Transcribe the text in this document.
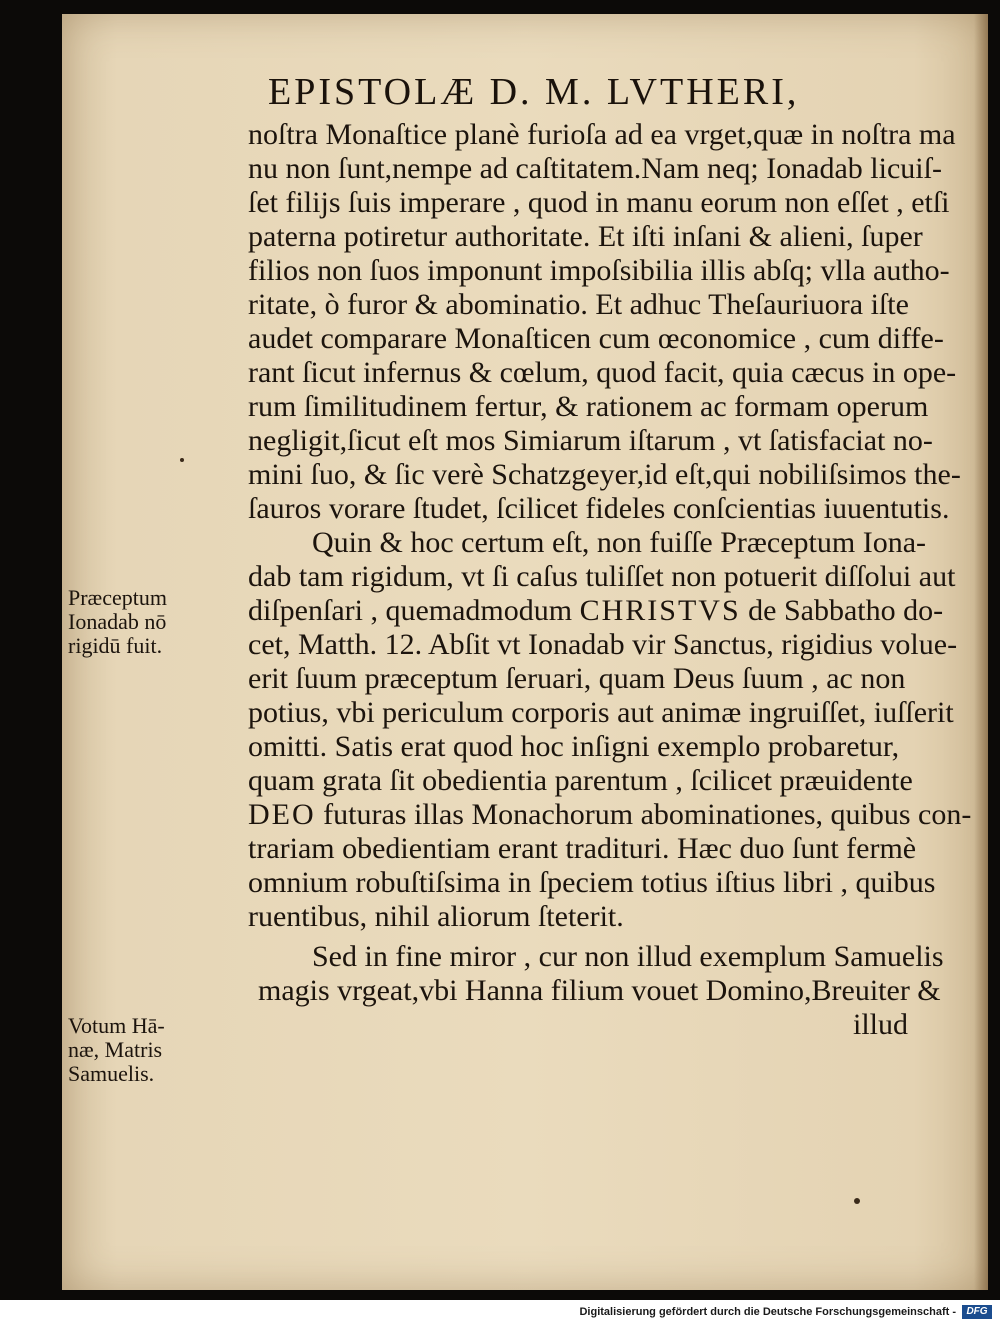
EPISTOLÆ D. M. LVTHERI,
Præceptum
Ionadab nō
rigidū fuit.
Votum Hā-
næ, Matris
Samuelis.
noſtra Monaſtice planè furioſa ad ea vrget,quæ in noſtra ma
nu non ſunt,nempe ad caſtitatem.Nam neq; Ionadab licuiſ-
ſet filijs ſuis imperare , quod in manu eorum non eſſet , etſi
paterna potiretur authoritate. Et iſti inſani & alieni, ſuper
filios non ſuos imponunt impoſsibilia illis abſq; vlla autho-
ritate, ò furor & abominatio. Et adhuc Theſauriuora iſte
audet comparare Monaſticen cum œconomice , cum diffe-
rant ſicut infernus & cœlum, quod facit, quia cæcus in ope-
rum ſimilitudinem fertur, & rationem ac formam operum
negligit,ſicut eſt mos Simiarum iſtarum , vt ſatisfaciat no-
mini ſuo, & ſic verè Schatzgeyer,id eſt,qui nobiliſsimos the-
ſauros vorare ſtudet, ſcilicet fideles conſcientias iuuentutis.
Quin & hoc certum eſt, non fuiſſe Præceptum Iona-
dab tam rigidum, vt ſi caſus tuliſſet non potuerit diſſolui aut
diſpenſari , quemadmodum CHRISTVS de Sabbatho do-
cet, Matth. 12. Abſit vt Ionadab vir Sanctus, rigidius volue-
erit ſuum præceptum ſeruari, quam Deus ſuum , ac non
potius, vbi periculum corporis aut animæ ingruiſſet, iuſſerit
omitti. Satis erat quod hoc inſigni exemplo probaretur,
quam grata ſit obedientia parentum , ſcilicet præuidente
DEO futuras illas Monachorum abominationes, quibus con-
trariam obedientiam erant tradituri. Hæc duo ſunt fermè
omnium robuſtiſsima in ſpeciem totius iſtius libri , quibus
ruentibus, nihil aliorum ſteterit.
Sed in fine miror , cur non illud exemplum Samuelis
magis vrgeat,vbi Hanna filium vouet Domino,Breuiter &
illud
Digitalisierung gefördert durch die Deutsche Forschungsgemeinschaft -	DFG
